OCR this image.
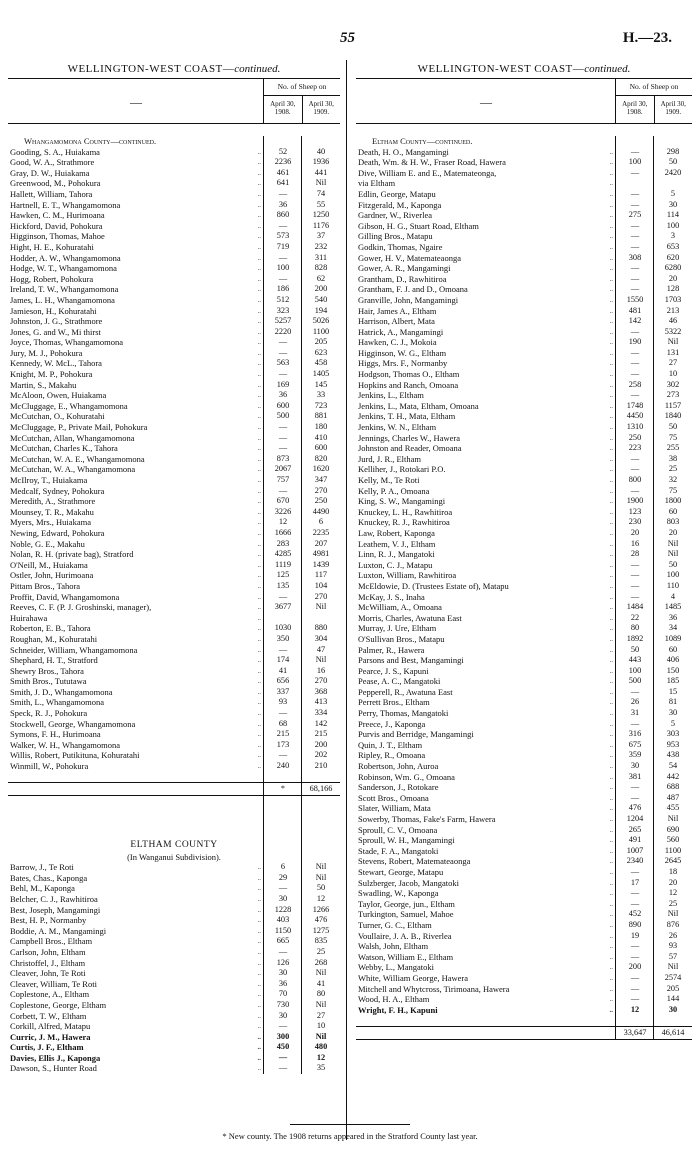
55	H.—23.
WELLINGTON-WEST COAST—continued.
—
No. of Sheep on
April 30, 1908.
April 30, 1909.
Whangamomona County—continued.
Gooding, S. A., Huiakama	..	52	40
Good, W. A., Strathmore	..	2236	1936
Gray, D. W., Huiakama	..	461	441
Greenwood, M., Pohokura	..	641	Nil
Hallett, William, Tahora	..	—	74
Hartnell, E. T., Whangamomona	..	36	55
Hawken, C. M., Hurimoana	..	860	1250
Hickford, David, Pohokura	..	—	1176
Higginson, Thomas, Mahoe	..	573	37
Hight, H. E., Kohuratahi	..	719	232
Hodder, A. W., Whangamomona	..	—	311
Hodge, W. T., Whangamomona	..	100	828
Hogg, Robert, Pohokura	..	—	62
Ireland, T. W., Whangamomona	..	186	200
James, L. H., Whangamomona	..	512	540
Jamieson, H., Kohuratahi	..	323	194
Johnston, J. G., Strathmore	..	5257	5026
Jones, G. and W., Mi thirst	..	2220	1100
Joyce, Thomas, Whangamomona	..	—	205
Jury, M. J., Pohokura	..	—	623
Kennedy, W. McL., Tahora	..	563	458
Knight, M. P., Pohokura	..	—	1405
Martin, S., Makahu	..	169	145
McAloon, Owen, Huiakama	..	36	33
McCluggage, E., Whangamomona	..	600	723
McCutchan, O., Kohuratahi	..	500	881
McCluggage, P., Private Mail, Pohokura	..	—	180
McCutchan, Allan, Whangamomona	..	—	410
McCutchan, Charles K., Tahora	..	—	600
McCutchan, W. A. E., Whangamomona	..	873	820
McCutchan, W. A., Whangamomona	..	2067	1620
McIlroy, T., Huiakama	..	757	347
Medcalf, Sydney, Pohokura	..	—	270
Meredith, A., Strathmore	..	670	250
Mounsey, T. R., Makahu	..	3226	4490
Myers, Mrs., Huiakama	..	12	6
Newing, Edward, Pohokura	..	1666	2235
Noble, G. E., Makahu	..	283	207
Nolan, R. H. (private bag), Stratford	..	4285	4981
O'Neill, M., Huiakama	..	1119	1439
Ostler, John, Hurimoana	..	125	117
Pittam Bros., Tahora	..	135	104
Proffit, David, Whangamomona	..	—	270
Reeves, C. F. (P. J. Groshinski, manager),	..	3677	Nil
Huirahawa	..
Roberton, E. B., Tahora	..	1030	880
Roughan, M., Kohuratahi	..	350	304
Schneider, William, Whangamomona	..	—	47
Shephard, H. T., Stratford	..	174	Nil
Shewry Bros., Tahora	..	41	16
Smith Bros., Tututawa	..	656	270
Smith, J. D., Whangamomona	..	337	368
Smith, L., Whangamomona	..	93	413
Speck, R. J., Pohokura	..	—	334
Stockwell, George, Whangamomona	..	68	142
Symons, F. H., Hurimoana	..	215	215
Walker, W. H., Whangamomona	..	173	200
Willis, Robert, Putikituna, Kohuratahi	..	—	202
Winmill, W., Pohokura	..	240	210
*	68,166
ELTHAM COUNTY
(In Wanganui Subdivision).
Barrow, J., Te Roti	..	6	Nil
Bates, Chas., Kaponga	..	29	Nil
Behl, M., Kaponga	..	—	50
Belcher, C. J., Rawhitiroa	..	30	12
Best, Joseph, Mangamingi	..	1228	1266
Best, H. P., Normanby	..	403	476
Boddie, A. M., Mangamingi	..	1150	1275
Campbell Bros., Eltham	..	665	835
Carlson, John, Eltham	..	—	25
Christoffel, J., Eltham	..	126	268
Cleaver, John, Te Roti	..	30	Nil
Cleaver, William, Te Roti	..	36	41
Coplestone, A., Eltham	..	70	80
Coplestone, George, Eltham	..	730	Nil
Corbett, T. W., Eltham	..	30	27
Corkill, Alfred, Matapu	..	—	10
Curric, J. M., Hawera	..	300	Nil
Curtis, J. F., Eltham	..	450	480
Davies, Ellis J., Kaponga	..	—	12
Dawson, S., Hunter Road	..	—	35
WELLINGTON-WEST COAST—continued.
—
No. of Sheep on
April 30, 1908.
April 30, 1909.
Eltham County—continued.
Death, H. O., Mangamingi	..	—	298
Death, Wm. & H. W., Fraser Road, Hawera	..	100	50
Dive, William E. and E., Matemateonga,	..	—	2420
via Eltham	..
Edlin, George, Matapu	..	—	5
Fitzgerald, M., Kaponga	..	—	30
Gardner, W., Riverlea	..	275	114
Gibson, H. G., Stuart Road, Eltham	..	—	100
Gilling Bros., Matapu	..	—	3
Godkin, Thomas, Ngaire	..	—	653
Gower, H. V., Matemateaonga	..	308	620
Gower, A. R., Mangamingi	..	—	6280
Grantham, D., Rawhitiroa	..	—	20
Grantham, F. J. and D., Omoana	..	—	128
Granville, John, Mangamingi	..	1550	1703
Hair, James A., Eltham	..	481	213
Harrison, Albert, Mata	..	142	46
Hatrick, A., Mangamingi	..	—	5322
Hawken, C. J., Mokoia	..	190	Nil
Higginson, W. G., Eltham	..	—	131
Higgs, Mrs. F., Normanby	..	—	27
Hodgson, Thomas O., Eltham	..	—	10
Hopkins and Ranch, Omoana	..	258	302
Jenkins, L., Eltham	..	—	273
Jenkins, L., Mata, Eltham, Omoana	..	1748	1157
Jenkins, T. H., Mata, Eltham	..	4450	1840
Jenkins, W. N., Eltham	..	1310	50
Jennings, Charles W., Hawera	..	250	75
Johnston and Reader, Omoana	..	223	255
Jurd, J. R., Eltham	..	—	38
Kelliher, J., Rotokari P.O.	..	—	25
Kelly, M., Te Roti	..	800	32
Kelly, P. A., Omoana	..	—	75
King, S. W., Mangamingi	..	1900	1800
Knuckey, L. H., Rawhitiroa	..	123	60
Knuckey, R. J., Rawhitiroa	..	230	803
Law, Robert, Kaponga	..	20	20
Leathem, V. J., Eltham	..	16	Nil
Linn, R. J., Mangatoki	..	28	Nil
Luxton, C. J., Matapu	..	—	50
Luxton, William, Rawhitiroa	..	—	100
McEldowie, D. (Trustees Estate of), Matapu	..	—	110
McKay, J. S., Inaha	..	—	4
McWilliam, A., Omoana	..	1484	1485
Morris, Charles, Awatuna East	..	22	36
Murray, J. Ure, Eltham	..	80	34
O'Sullivan Bros., Matapu	..	1892	1089
Palmer, R., Hawera	..	50	60
Parsons and Best, Mangamingi	..	443	406
Pearce, J. S., Kapuni	..	100	150
Pease, A. C., Mangatoki	..	500	185
Pepperell, R., Awatuna East	..	—	15
Perrett Bros., Eltham	..	26	81
Perry, Thomas, Mangatoki	..	31	30
Preece, J., Kaponga	..	—	5
Purvis and Berridge, Mangamingi	..	316	303
Quin, J. T., Eltham	..	675	953
Ripley, R., Omoana	..	359	438
Robertson, John, Auroa	..	30	54
Robinson, Wm. G., Omoana	..	381	442
Sanderson, J., Rotokare	..	—	688
Scott Bros., Omoana	..	—	487
Slater, William, Mata	..	476	455
Sowerby, Thomas, Fake's Farm, Hawera	..	1204	Nil
Sproull, C. V., Omoana	..	265	690
Sproull, W. H., Mangamingi	..	491	560
Stade, F. A., Mangatoki	..	1007	1100
Stevens, Robert, Matemateaonga	..	2340	2645
Stewart, George, Matapu	..	—	18
Sulzberger, Jacob, Mangatoki	..	17	20
Swadling, W., Kaponga	..	—	12
Taylor, George, jun., Eltham	..	—	25
Turkington, Samuel, Mahoe	..	452	Nil
Turner, G. C., Eltham	..	890	876
Voullaire, J. A. B., Riverlea	..	19	26
Walsh, John, Eltham	..	—	93
Watson, William E., Eltham	..	—	57
Webby, L., Mangatoki	..	200	Nil
White, William George, Hawera	..	—	2574
Mitchell and Whytcross, Tirimoana, Hawera	..	—	205
Wood, H. A., Eltham	..	—	144
Wright, F. H., Kapuni	..	12	30
33,647	46,614
* New county. The 1908 returns appeared in the Stratford County last year.
